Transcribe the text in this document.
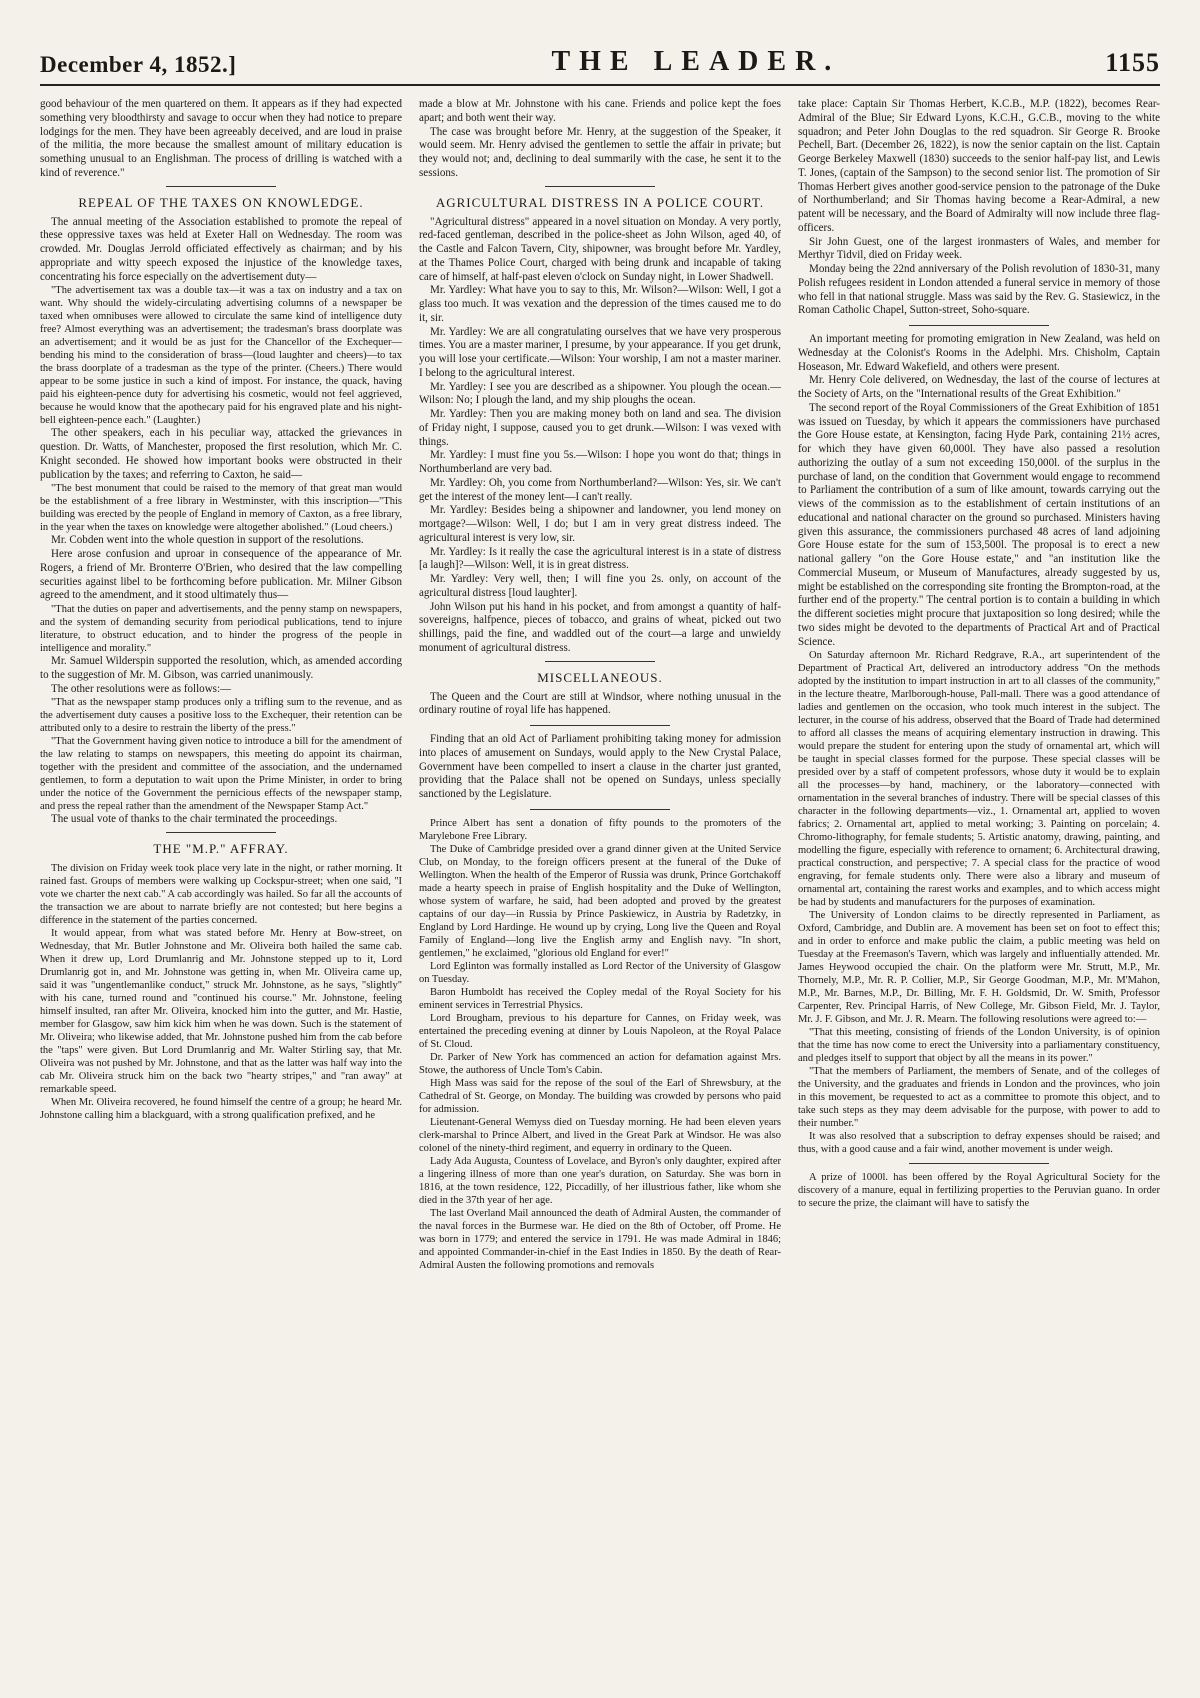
December 4, 1852.]	THE LEADER.	1155

good behaviour of the men quartered on them. It appears as if they had expected something very bloodthirsty and savage to occur when they had notice to prepare lodgings for the men. They have been agreeably deceived, and are loud in praise of the militia, the more because the smallest amount of military education is something unusual to an Englishman. The process of drilling is watched with a kind of reverence."

REPEAL OF THE TAXES ON KNOWLEDGE.

The annual meeting of the Association established to promote the repeal of these oppressive taxes was held at Exeter Hall on Wednesday. The room was crowded. Mr. Douglas Jerrold officiated effectively as chairman; and by his appropriate and witty speech exposed the injustice of the knowledge taxes, concentrating his force especially on the advertisement duty—

"The advertisement tax was a double tax—it was a tax on industry and a tax on want. Why should the widely-circulating advertising columns of a newspaper be taxed when omnibuses were allowed to circulate the same kind of intelligence duty free? Almost everything was an advertisement; the tradesman's brass doorplate was an advertisement; and it would be as just for the Chancellor of the Exchequer—bending his mind to the consideration of brass—(loud laughter and cheers)—to tax the brass doorplate of a tradesman as the type of the printer. (Cheers.) There would appear to be some justice in such a kind of impost. For instance, the quack, having paid his eighteen-pence duty for advertising his cosmetic, would not feel aggrieved, because he would know that the apothecary paid for his engraved plate and his night-bell eighteen-pence each." (Laughter.)

The other speakers, each in his peculiar way, attacked the grievances in question. Dr. Watts, of Manchester, proposed the first resolution, which Mr. C. Knight seconded. He showed how important books were obstructed in their publication by the taxes; and referring to Caxton, he said—

"The best monument that could be raised to the memory of that great man would be the establishment of a free library in Westminster, with this inscription—"This building was erected by the people of England in memory of Caxton, as a free library, in the year when the taxes on knowledge were altogether abolished." (Loud cheers.)

Mr. Cobden went into the whole question in support of the resolutions.

Here arose confusion and uproar in consequence of the appearance of Mr. Rogers, a friend of Mr. Bronterre O'Brien, who desired that the law compelling securities against libel to be forthcoming before publication. Mr. Milner Gibson agreed to the amendment, and it stood ultimately thus—

"That the duties on paper and advertisements, and the penny stamp on newspapers, and the system of demanding security from periodical publications, tend to injure literature, to obstruct education, and to hinder the progress of the people in intelligence and morality."

Mr. Samuel Wilderspin supported the resolution, which, as amended according to the suggestion of Mr. M. Gibson, was carried unanimously.

The other resolutions were as follows:—

"That as the newspaper stamp produces only a trifling sum to the revenue, and as the advertisement duty causes a positive loss to the Exchequer, their retention can be attributed only to a desire to restrain the liberty of the press."

"That the Government having given notice to introduce a bill for the amendment of the law relating to stamps on newspapers, this meeting do appoint its chairman, together with the president and committee of the association, and the undernamed gentlemen, to form a deputation to wait upon the Prime Minister, in order to bring under the notice of the Government the pernicious effects of the newspaper stamp, and press the repeal rather than the amendment of the Newspaper Stamp Act."

The usual vote of thanks to the chair terminated the proceedings.

THE "M.P." AFFRAY.

The division on Friday week took place very late in the night, or rather morning. It rained fast. Groups of members were walking up Cockspur-street; when one said, "I vote we charter the next cab." A cab accordingly was hailed. So far all the accounts of the transaction we are about to narrate briefly are not contested; but here begins a difference in the statement of the parties concerned.

It would appear, from what was stated before Mr. Henry at Bow-street, on Wednesday, that Mr. Butler Johnstone and Mr. Oliveira both hailed the same cab. When it drew up, Lord Drumlanrig and Mr. Johnstone stepped up to it, Lord Drumlanrig got in, and Mr. Johnstone was getting in, when Mr. Oliveira came up, said it was "ungentlemanlike conduct," struck Mr. Johnstone, as he says, "slightly" with his cane, turned round and "continued his course." Mr. Johnstone, feeling himself insulted, ran after Mr. Oliveira, knocked him into the gutter, and Mr. Hastie, member for Glasgow, saw him kick him when he was down. Such is the statement of Mr. Oliveira; who likewise added, that Mr. Johnstone pushed him from the cab before the "taps" were given. But Lord Drumlanrig and Mr. Walter Stirling say, that Mr. Oliveira was not pushed by Mr. Johnstone, and that as the latter was half way into the cab Mr. Oliveira struck him on the back two "hearty stripes," and "ran away" at remarkable speed.

When Mr. Oliveira recovered, he found himself the centre of a group; he heard Mr. Johnstone calling him a blackguard, with a strong qualification prefixed, and he

made a blow at Mr. Johnstone with his cane. Friends and police kept the foes apart; and both went their way.

The case was brought before Mr. Henry, at the suggestion of the Speaker, it would seem. Mr. Henry advised the gentlemen to settle the affair in private; but they would not; and, declining to deal summarily with the case, he sent it to the sessions.

AGRICULTURAL DISTRESS IN A POLICE COURT.

"Agricultural distress" appeared in a novel situation on Monday. A very portly, red-faced gentleman, described in the police-sheet as John Wilson, aged 40, of the Castle and Falcon Tavern, City, shipowner, was brought before Mr. Yardley, at the Thames Police Court, charged with being drunk and incapable of taking care of himself, at half-past eleven o'clock on Sunday night, in Lower Shadwell.

Mr. Yardley: What have you to say to this, Mr. Wilson?—Wilson: Well, I got a glass too much. It was vexation and the depression of the times caused me to do it, sir.

Mr. Yardley: We are all congratulating ourselves that we have very prosperous times. You are a master mariner, I presume, by your appearance. If you get drunk, you will lose your certificate.—Wilson: Your worship, I am not a master mariner. I belong to the agricultural interest.

Mr. Yardley: I see you are described as a shipowner. You plough the ocean.—Wilson: No; I plough the land, and my ship ploughs the ocean.

Mr. Yardley: Then you are making money both on land and sea. The division of Friday night, I suppose, caused you to get drunk.—Wilson: I was vexed with things.

Mr. Yardley: I must fine you 5s.—Wilson: I hope you wont do that; things in Northumberland are very bad.

Mr. Yardley: Oh, you come from Northumberland?—Wilson: Yes, sir. We can't get the interest of the money lent—I can't really.

Mr. Yardley: Besides being a shipowner and landowner, you lend money on mortgage?—Wilson: Well, I do; but I am in very great distress indeed. The agricultural interest is very low, sir.

Mr. Yardley: Is it really the case the agricultural interest is in a state of distress [a laugh]?—Wilson: Well, it is in great distress.

Mr. Yardley: Very well, then; I will fine you 2s. only, on account of the agricultural distress [loud laughter].

John Wilson put his hand in his pocket, and from amongst a quantity of half-sovereigns, halfpence, pieces of tobacco, and grains of wheat, picked out two shillings, paid the fine, and waddled out of the court—a large and unwieldy monument of agricultural distress.

MISCELLANEOUS.

The Queen and the Court are still at Windsor, where nothing unusual in the ordinary routine of royal life has happened.

Finding that an old Act of Parliament prohibiting taking money for admission into places of amusement on Sundays, would apply to the New Crystal Palace, Government have been compelled to insert a clause in the charter just granted, providing that the Palace shall not be opened on Sundays, unless specially sanctioned by the Legislature.

Prince Albert has sent a donation of fifty pounds to the promoters of the Marylebone Free Library.

The Duke of Cambridge presided over a grand dinner given at the United Service Club, on Monday, to the foreign officers present at the funeral of the Duke of Wellington. When the health of the Emperor of Russia was drunk, Prince Gortchakoff made a hearty speech in praise of English hospitality and the Duke of Wellington, whose system of warfare, he said, had been adopted and proved by the greatest captains of our day—in Russia by Prince Paskiewicz, in Austria by Radetzky, in England by Lord Hardinge. He wound up by crying, Long live the Queen and Royal Family of England—long live the English army and English navy. "In short, gentlemen," he exclaimed, "glorious old England for ever!"

Lord Eglinton was formally installed as Lord Rector of the University of Glasgow on Tuesday.

Baron Humboldt has received the Copley medal of the Royal Society for his eminent services in Terrestrial Physics.

Lord Brougham, previous to his departure for Cannes, on Friday week, was entertained the preceding evening at dinner by Louis Napoleon, at the Royal Palace of St. Cloud.

Dr. Parker of New York has commenced an action for defamation against Mrs. Stowe, the authoress of Uncle Tom's Cabin.

High Mass was said for the repose of the soul of the Earl of Shrewsbury, at the Cathedral of St. George, on Monday. The building was crowded by persons who paid for admission.

Lieutenant-General Wemyss died on Tuesday morning. He had been eleven years clerk-marshal to Prince Albert, and lived in the Great Park at Windsor. He was also colonel of the ninety-third regiment, and equerry in ordinary to the Queen.

Lady Ada Augusta, Countess of Lovelace, and Byron's only daughter, expired after a lingering illness of more than one year's duration, on Saturday. She was born in 1816, at the town residence, 122, Piccadilly, of her illustrious father, like whom she died in the 37th year of her age.

The last Overland Mail announced the death of Admiral Austen, the commander of the naval forces in the Burmese war. He died on the 8th of October, off Prome. He was born in 1779; and entered the service in 1791. He was made Admiral in 1846; and appointed Commander-in-chief in the East Indies in 1850. By the death of Rear-Admiral Austen the following promotions and removals

take place: Captain Sir Thomas Herbert, K.C.B., M.P. (1822), becomes Rear-Admiral of the Blue; Sir Edward Lyons, K.C.H., G.C.B., moving to the white squadron; and Peter John Douglas to the red squadron. Sir George R. Brooke Pechell, Bart. (December 26, 1822), is now the senior captain on the list. Captain George Berkeley Maxwell (1830) succeeds to the senior half-pay list, and Lewis T. Jones, (captain of the Sampson) to the second senior list. The promotion of Sir Thomas Herbert gives another good-service pension to the patronage of the Duke of Northumberland; and Sir Thomas having become a Rear-Admiral, a new patent will be necessary, and the Board of Admiralty will now include three flag-officers.

Sir John Guest, one of the largest ironmasters of Wales, and member for Merthyr Tidvil, died on Friday week.

Monday being the 22nd anniversary of the Polish revolution of 1830-31, many Polish refugees resident in London attended a funeral service in memory of those who fell in that national struggle. Mass was said by the Rev. G. Stasiewicz, in the Roman Catholic Chapel, Sutton-street, Soho-square.

An important meeting for promoting emigration in New Zealand, was held on Wednesday at the Colonist's Rooms in the Adelphi. Mrs. Chisholm, Captain Hoseason, Mr. Edward Wakefield, and others were present.

Mr. Henry Cole delivered, on Wednesday, the last of the course of lectures at the Society of Arts, on the "International results of the Great Exhibition."

The second report of the Royal Commissioners of the Great Exhibition of 1851 was issued on Tuesday, by which it appears the commissioners have purchased the Gore House estate, at Kensington, facing Hyde Park, containing 21½ acres, for which they have given 60,000l. They have also passed a resolution authorizing the outlay of a sum not exceeding 150,000l. of the surplus in the purchase of land, on the condition that Government would engage to recommend to Parliament the contribution of a sum of like amount, towards carrying out the views of the commission as to the establishment of certain institutions of an educational and national character on the ground so purchased. Ministers having given this assurance, the commissioners purchased 48 acres of land adjoining Gore House estate for the sum of 153,500l. The proposal is to erect a new national gallery "on the Gore House estate," and "an institution like the Commercial Museum, or Museum of Manufactures, already suggested by us, might be established on the corresponding site fronting the Brompton-road, at the further end of the property." The central portion is to contain a building in which the different societies might procure that juxtaposition so long desired; while the two sides might be devoted to the departments of Practical Art and of Practical Science.

On Saturday afternoon Mr. Richard Redgrave, R.A., art superintendent of the Department of Practical Art, delivered an introductory address "On the methods adopted by the institution to impart instruction in art to all classes of the community," in the lecture theatre, Marlborough-house, Pall-mall. There was a good attendance of ladies and gentlemen on the occasion, who took much interest in the subject. The lecturer, in the course of his address, observed that the Board of Trade had determined to afford all classes the means of acquiring elementary instruction in drawing. This would prepare the student for entering upon the study of ornamental art, which will be taught in special classes formed for the purpose. These special classes will be presided over by a staff of competent professors, whose duty it would be to explain all the processes—by hand, machinery, or the laboratory—connected with ornamentation in the several branches of industry. There will be special classes of this character in the following departments—viz., 1. Ornamental art, applied to woven fabrics; 2. Ornamental art, applied to metal working; 3. Painting on porcelain; 4. Chromo-lithography, for female students; 5. Artistic anatomy, drawing, painting, and modelling the figure, especially with reference to ornament; 6. Architectural drawing, practical construction, and perspective; 7. A special class for the practice of wood engraving, for female students only. There were also a library and museum of ornamental art, containing the rarest works and examples, and to which access might be had by students and manufacturers for the purposes of examination.

The University of London claims to be directly represented in Parliament, as Oxford, Cambridge, and Dublin are. A movement has been set on foot to effect this; and in order to enforce and make public the claim, a public meeting was held on Tuesday at the Freemason's Tavern, which was largely and influentially attended. Mr. James Heywood occupied the chair. On the platform were Mr. Strutt, M.P., Mr. Thornely, M.P., Mr. R. P. Collier, M.P., Sir George Goodman, M.P., Mr. M'Mahon, M.P., Mr. Barnes, M.P., Dr. Billing, Mr. F. H. Goldsmid, Dr. W. Smith, Professor Carpenter, Rev. Principal Harris, of New College, Mr. Gibson Field, Mr. J. Taylor, Mr. J. F. Gibson, and Mr. J. R. Mearn. The following resolutions were agreed to:—

"That this meeting, consisting of friends of the London University, is of opinion that the time has now come to erect the University into a parliamentary constituency, and pledges itself to support that object by all the means in its power."

"That the members of Parliament, the members of Senate, and of the colleges of the University, and the graduates and friends in London and the provinces, who join in this movement, be requested to act as a committee to promote this object, and to take such steps as they may deem advisable for the purpose, with power to add to their number."

It was also resolved that a subscription to defray expenses should be raised; and thus, with a good cause and a fair wind, another movement is under weigh.

A prize of 1000l. has been offered by the Royal Agricultural Society for the discovery of a manure, equal in fertilizing properties to the Peruvian guano. In order to secure the prize, the claimant will have to satisfy the
